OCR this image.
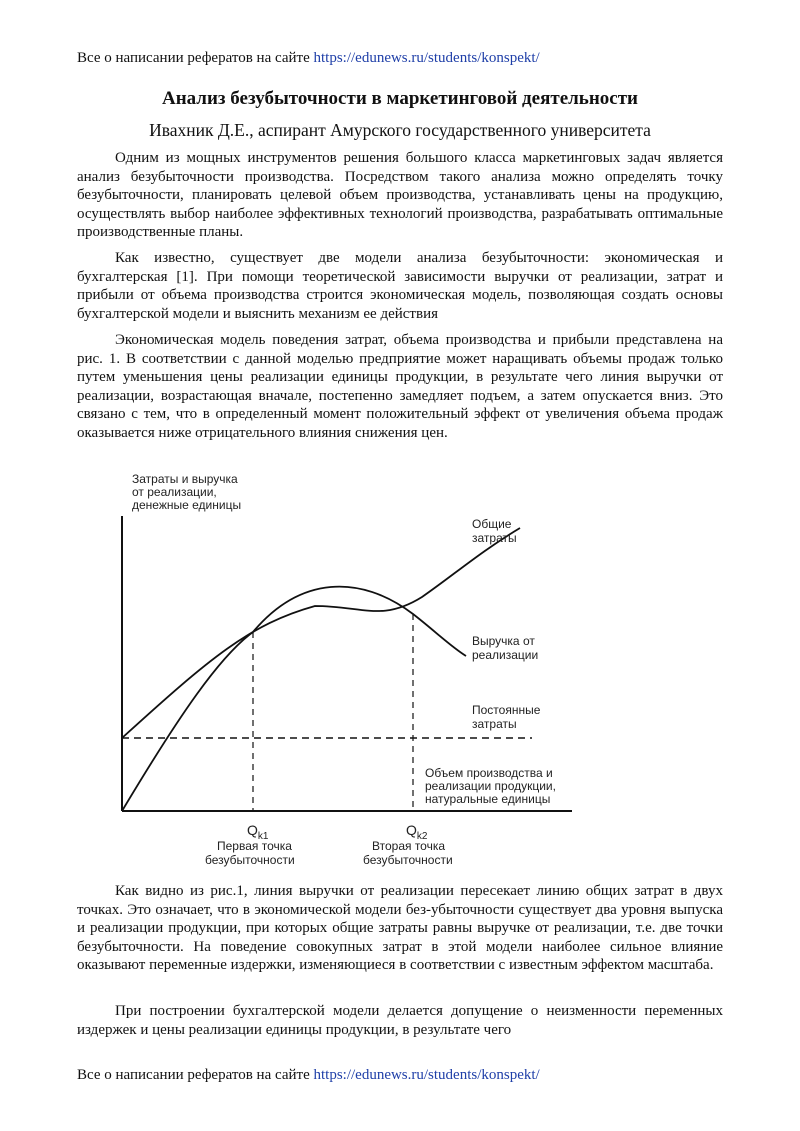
Все о написании рефератов на сайте https://edunews.ru/students/konspekt/
Анализ безубыточности в маркетинговой деятельности
Ивахник Д.Е., аспирант Амурского государственного университета

Одним из мощных инструментов решения большого класса маркетинговых задач является анализ безубыточности производства. Посредством такого анализа можно определять точку безубыточности, планировать целевой объем производства, устанавливать цены на продукцию, осуществлять выбор наиболее эффективных технологий производства, разрабатывать оптимальные производственные планы.

Как известно, существует две модели анализа безубыточности: экономическая и бухгалтерская [1]. При помощи теоретической зависимости выручки от реализации, затрат и прибыли от объема производства строится экономическая модель, позволяющая создать основы бухгалтерской модели и выяснить механизм ее действия

Экономическая модель поведения затрат, объема производства и прибыли представлена на рис. 1. В соответствии с данной моделью предприятие может наращивать объемы продаж только путем уменьшения цены реализации единицы продукции, в результате чего линия выручки от реализации, возрастающая вначале, постепенно замедляет подъем, а затем опускается вниз. Это связано с тем, что в определенный момент положительный эффект от увеличения объема продаж оказывается ниже отрицательного влияния снижения цен.

Затраты и выручка
от реализации,
денежные единицы
Общие
затраты
Выручка от
реализации
Постоянные
затраты
Объем производства и
реализации продукции,
натуральные единицы
$Q_{k1}$
Первая точка
безубыточности
$Q_{k2}$
Вторая точка
безубыточности

Как видно из рис.1, линия выручки от реализации пересекает линию общих затрат в двух точках. Это означает, что в экономической модели без-убыточности существует два уровня выпуска и реализации продукции, при которых общие затраты равны выручке от реализации, т.е. две точки безубыточности. На поведение совокупных затрат в этой модели наиболее сильное влияние оказывают переменные издержки, изменяющиеся в соответствии с известным эффектом масштаба.

При построении бухгалтерской модели делается допущение о неизменности переменных издержек и цены реализации единицы продукции, в результате чего

Все о написании рефератов на сайте https://edunews.ru/students/konspekt/
